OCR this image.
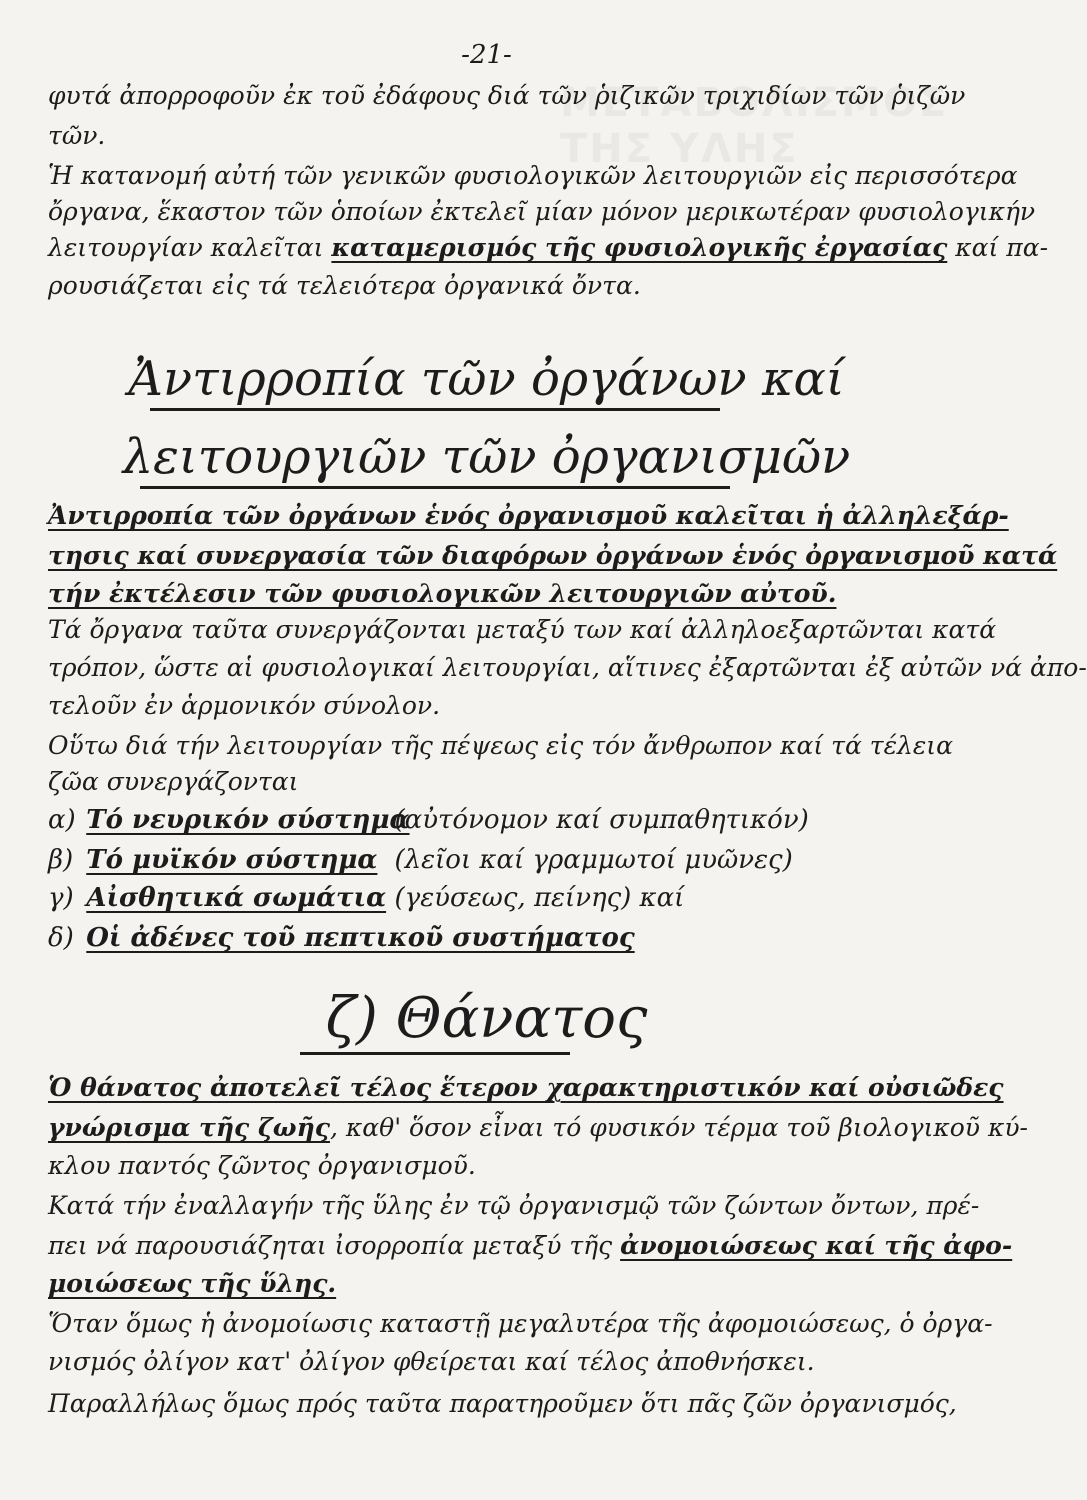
-21-
φυτά ἀπορροφοῦν ἐκ τοῦ ἐδάφους διά τῶν ῥιζικῶν τριχιδίων τῶν ῥιζῶν
τῶν.
Ἡ κατανομή αὐτή τῶν γενικῶν φυσιολογικῶν λειτουργιῶν εἰς περισσότερα
ὄργανα, ἕκαστον τῶν ὁποίων ἐκτελεῖ μίαν μόνον μερικωτέραν φυσιολογικήν
λειτουργίαν καλεῖται καταμερισμός τῆς φυσιολογικῆς ἐργασίας καί πα-
ρουσιάζεται εἰς τά τελειότερα ὀργανικά ὄντα.
Ἀντιρροπία τῶν ὀργάνων καί
λειτουργιῶν τῶν ὀργανισμῶν
Ἀντιρροπία τῶν ὀργάνων ἑνός ὀργανισμοῦ καλεῖται ἡ ἀλληλεξάρ-
τησις καί συνεργασία τῶν διαφόρων ὀργάνων ἑνός ὀργανισμοῦ κατά
τήν ἐκτέλεσιν τῶν φυσιολογικῶν λειτουργιῶν αὐτοῦ.
Τά ὄργανα ταῦτα συνεργάζονται μεταξύ των καί ἀλληλοεξαρτῶνται κατά
τρόπον, ὥστε αἱ φυσιολογικαί λειτουργίαι, αἵτινες ἐξαρτῶνται ἐξ αὐτῶν νά ἀπο-
τελοῦν ἐν ἁρμονικόν σύνολον.
Οὕτω διά τήν λειτουργίαν τῆς πέψεως εἰς τόν ἄνθρωπον καί τά τέλεια
ζῶα συνεργάζονται
α) Τό νευρικόν σύστημα (αὐτόνομον καί συμπαθητικόν)
β) Τό μυϊκόν σύστημα (λεῖοι καί γραμμωτοί μυῶνες)
γ) Αἰσθητικά σωμάτια (γεύσεως, πείνης) καί
δ) Οἱ ἀδένες τοῦ πεπτικοῦ συστήματος
ζ) Θάνατος
Ὁ θάνατος ἀποτελεῖ τέλος ἕτερον χαρακτηριστικόν καί οὐσιῶδες
γνώρισμα τῆς ζωῆς, καθ' ὅσον εἶναι τό φυσικόν τέρμα τοῦ βιολογικοῦ κύ-
κλου παντός ζῶντος ὀργανισμοῦ.
Κατά τήν ἐναλλαγήν τῆς ὕλης ἐν τῷ ὀργανισμῷ τῶν ζώντων ὄντων, πρέ-
πει νά παρουσιάζηται ἰσορροπία μεταξύ τῆς ἀνομοιώσεως καί τῆς ἀφο-
μοιώσεως τῆς ὕλης.
Ὅταν ὅμως ἡ ἀνομοίωσις καταστῇ μεγαλυτέρα τῆς ἀφομοιώσεως, ὁ ὀργα-
νισμός ὀλίγον κατ' ὀλίγον φθείρεται καί τέλος ἀποθνήσκει.
Παραλλήλως ὅμως πρός ταῦτα παρατηροῦμεν ὅτι πᾶς ζῶν ὀργανισμός,
